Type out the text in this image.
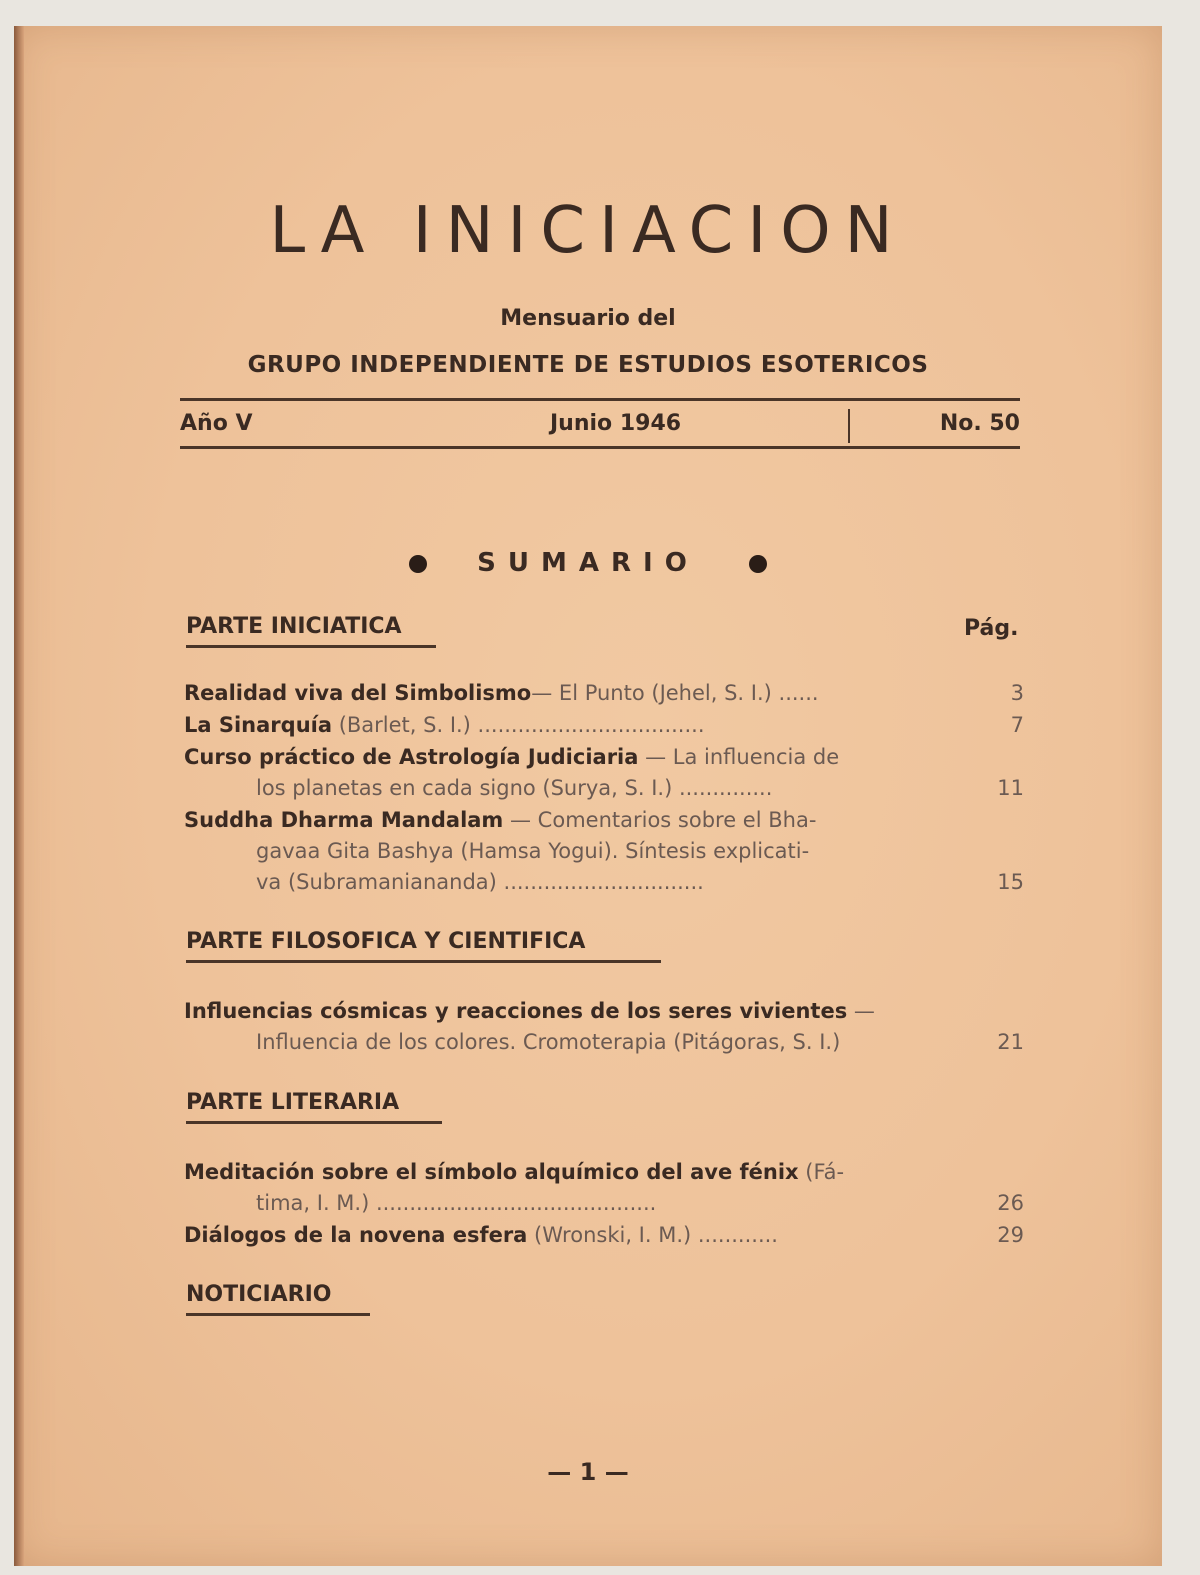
LA INICIACION
Mensuario del
GRUPO INDEPENDIENTE DE ESTUDIOS ESOTERICOS
Año V	Junio 1946	No. 50
SUMARIO
PARTE INICIATICA	Pág.
Realidad viva del Simbolismo— El Punto (Jehel, S. I.) ......	3
La Sinarquía (Barlet, S. I.) ..................................	7
Curso práctico de Astrología Judiciaria — La influencia de
los planetas en cada signo (Surya, S. I.) ..............	11
Suddha Dharma Mandalam — Comentarios sobre el Bha-
gavaa Gita Bashya (Hamsa Yogui). Síntesis explicati-
va (Subramaniananda) ..............................	15
PARTE FILOSOFICA Y CIENTIFICA
Influencias cósmicas y reacciones de los seres vivientes —
Influencia de los colores. Cromoterapia (Pitágoras, S. I.)	21
PARTE LITERARIA
Meditación sobre el símbolo alquímico del ave fénix (Fá-
tima, I. M.) ..........................................	26
Diálogos de la novena esfera (Wronski, I. M.) ............	29
NOTICIARIO
— 1 —
